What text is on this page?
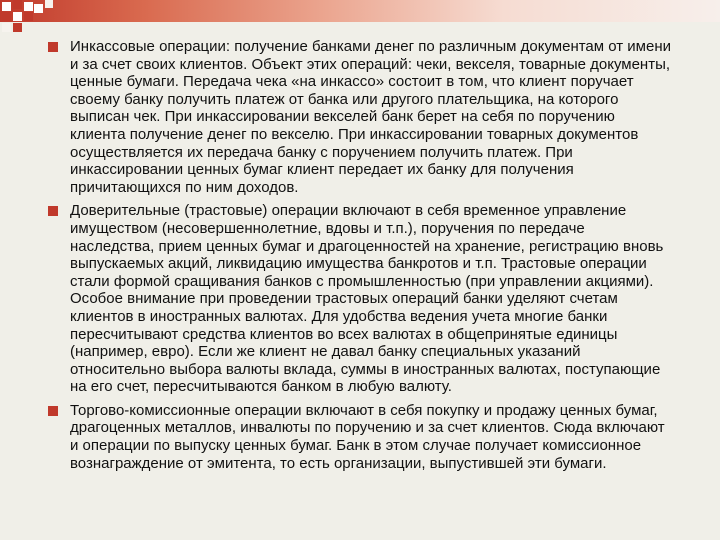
Инкассовые операции: получение банками денег по различным документам от имени и за счет своих клиентов. Объект этих операций: чеки, векселя, товарные документы, ценные бумаги. Передача чека «на инкассо» состоит в том, что клиент поручает своему банку получить платеж от банка или другого плательщика, на которого выписан чек. При инкассировании векселей банк берет на себя по поручению клиента получение денег по векселю. При инкассировании товарных документов осуществляется их передача банку с поручением получить платеж. При инкассировании ценных бумаг клиент передает их банку для получения причитающихся по ним доходов.
Доверительные (трастовые) операции включают в себя временное управление имуществом (несовершеннолетние, вдовы и т.п.), поручения по передаче наследства, прием ценных бумаг и драгоценностей на хранение, регистрацию вновь выпускаемых акций, ликвидацию имущества банкротов и т.п. Трастовые операции стали формой сращивания банков с промышленностью (при управлении акциями). Особое внимание при проведении трастовых операций банки уделяют счетам клиентов в иностранных валютах. Для удобства ведения учета многие банки пересчитывают средства клиентов во всех валютах в общепринятые единицы (например, евро). Если же клиент не давал банку специальных указаний относительно выбора валюты вклада, суммы в иностранных валютах, поступающие на его счет, пересчитываются банком в любую валюту.
Торгово-комиссионные операции включают в себя покупку и продажу ценных бумаг, драгоценных металлов, инвалюты по поручению и за счет клиентов. Сюда включают и операции по выпуску ценных бумаг. Банк в этом случае получает комиссионное вознаграждение от эмитента, то есть организации, выпустившей эти бумаги.
